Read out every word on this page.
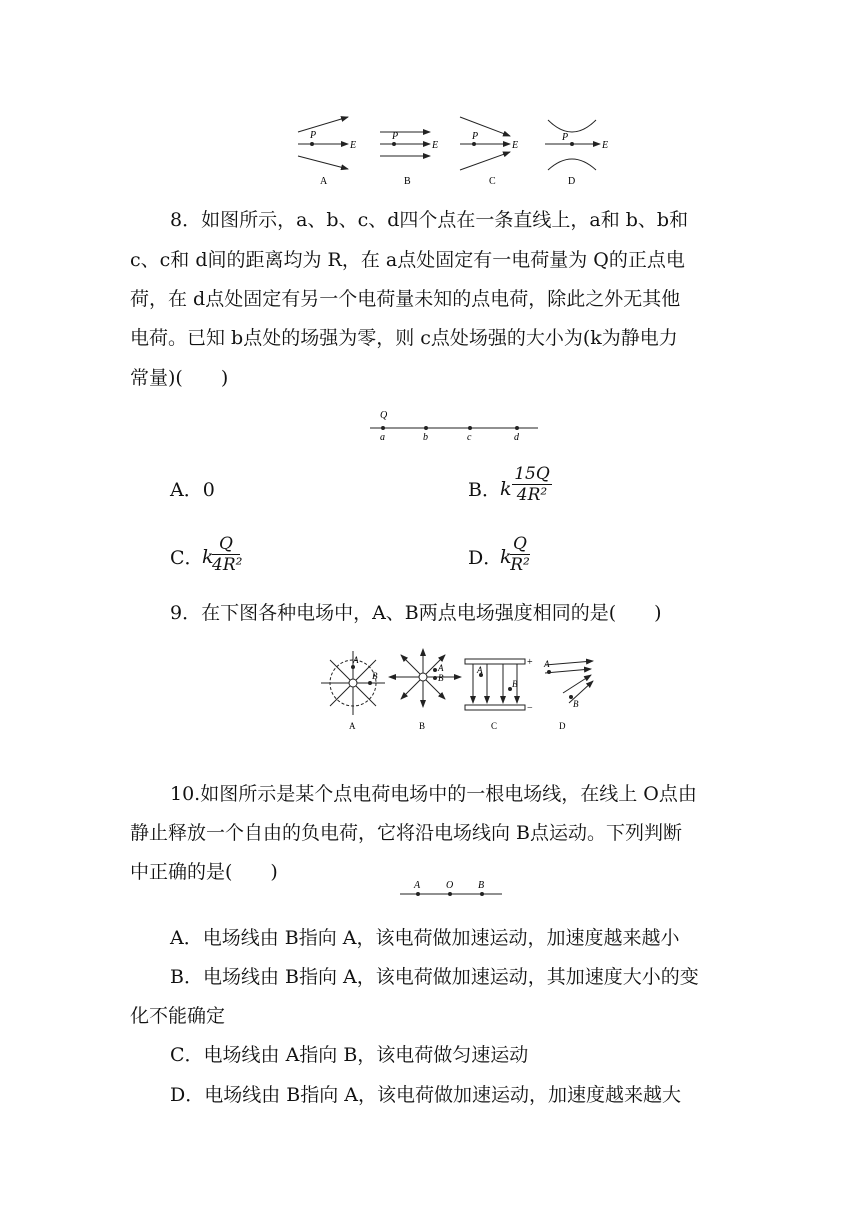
P
E
A
P
E
B
P
E
C
P
E
D
8．如图所示，a、b、c、d四个点在一条直线上，a和 b、b和
c、c和 d间的距离均为 R，在 a点处固定有一电荷量为 Q的正点电
荷，在 d点处固定有另一个电荷量未知的点电荷，除此之外无其他
电荷。已知 b点处的场强为零，则 c点处场强的大小为(k为静电力
常量)(　　)
Q
a	b	c	d
A．0	B． k
15Q
4R²
C．
k
Q
4R²	D．
k
Q
R²
9．在下图各种电场中，A、B两点电场强度相同的是(　　)
A
B
A
A
B
B
A
B
+
−
C
A
B
D
10.如图所示是某个点电荷电场中的一根电场线，在线上 O点由
静止释放一个自由的负电荷，它将沿电场线向 B点运动。下列判断
中正确的是(　　)
A	O B
A．电场线由 B指向 A，该电荷做加速运动，加速度越来越小
B．电场线由 B指向 A，该电荷做加速运动，其加速度大小的变
化不能确定
C．电场线由 A指向 B，该电荷做匀速运动
D．电场线由 B指向 A，该电荷做加速运动，加速度越来越大
